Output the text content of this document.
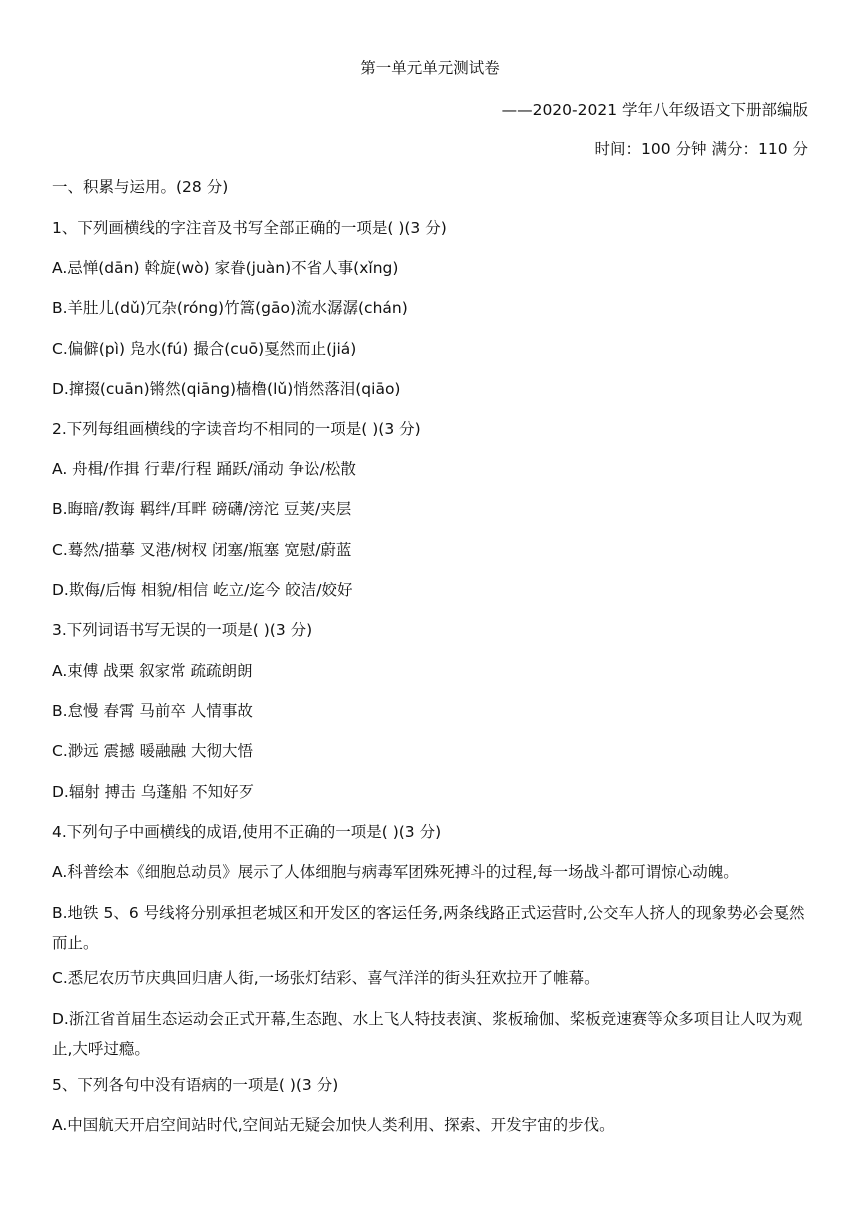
第一单元单元测试卷
——2020-2021 学年八年级语文下册部编版
时间：100 分钟 满分：110 分
一、积累与运用。(28 分)
1、下列画横线的字注音及书写全部正确的一项是( )(3 分)
A.忌惮(dān) 斡旋(wò) 家眷(juàn)不省人事(xǐng)
B.羊肚儿(dǔ)冗杂(róng)竹篙(gāo)流水潺潺(chán)
C.偏僻(pì) 凫水(fú) 撮合(cuō)戛然而止(jiá)
D.撺掇(cuān)锵然(qiāng)樯橹(lǔ)悄然落泪(qiāo)
2.下列每组画横线的字读音均不相同的一项是( )(3 分)
A. 舟楫/作揖 行辈/行程 踊跃/涌动 争讼/松散
B.晦暗/教诲 羁绊/耳畔 磅礴/滂沱 豆荚/夹层
C.蓦然/描摹 叉港/树杈 闭塞/瓶塞 宽慰/蔚蓝
D.欺侮/后悔 相貌/相信 屹立/迄今 皎洁/姣好
3.下列词语书写无误的一项是( )(3 分)
A.束傅 战栗 叙家常 疏疏朗朗
B.怠慢 春霄 马前卒 人情事故
C.渺远 震撼 暖融融 大彻大悟
D.辐射 搏击 乌蓬船 不知好歹
4.下列句子中画横线的成语,使用不正确的一项是( )(3 分)
A.科普绘本《细胞总动员》展示了人体细胞与病毒军团殊死搏斗的过程,每一场战斗都可谓惊心动魄。
B.地铁 5、6 号线将分别承担老城区和开发区的客运任务,两条线路正式运营时,公交车人挤人的现象势必会戛然而止。
C.悉尼农历节庆典回归唐人街,一场张灯结彩、喜气洋洋的街头狂欢拉开了帷幕。
D.浙江省首届生态运动会正式开幕,生态跑、水上飞人特技表演、浆板瑜伽、桨板竞速赛等众多项目让人叹为观止,大呼过瘾。
5、下列各句中没有语病的一项是( )(3 分)
A.中国航天开启空间站时代,空间站无疑会加快人类利用、探索、开发宇宙的步伐。
